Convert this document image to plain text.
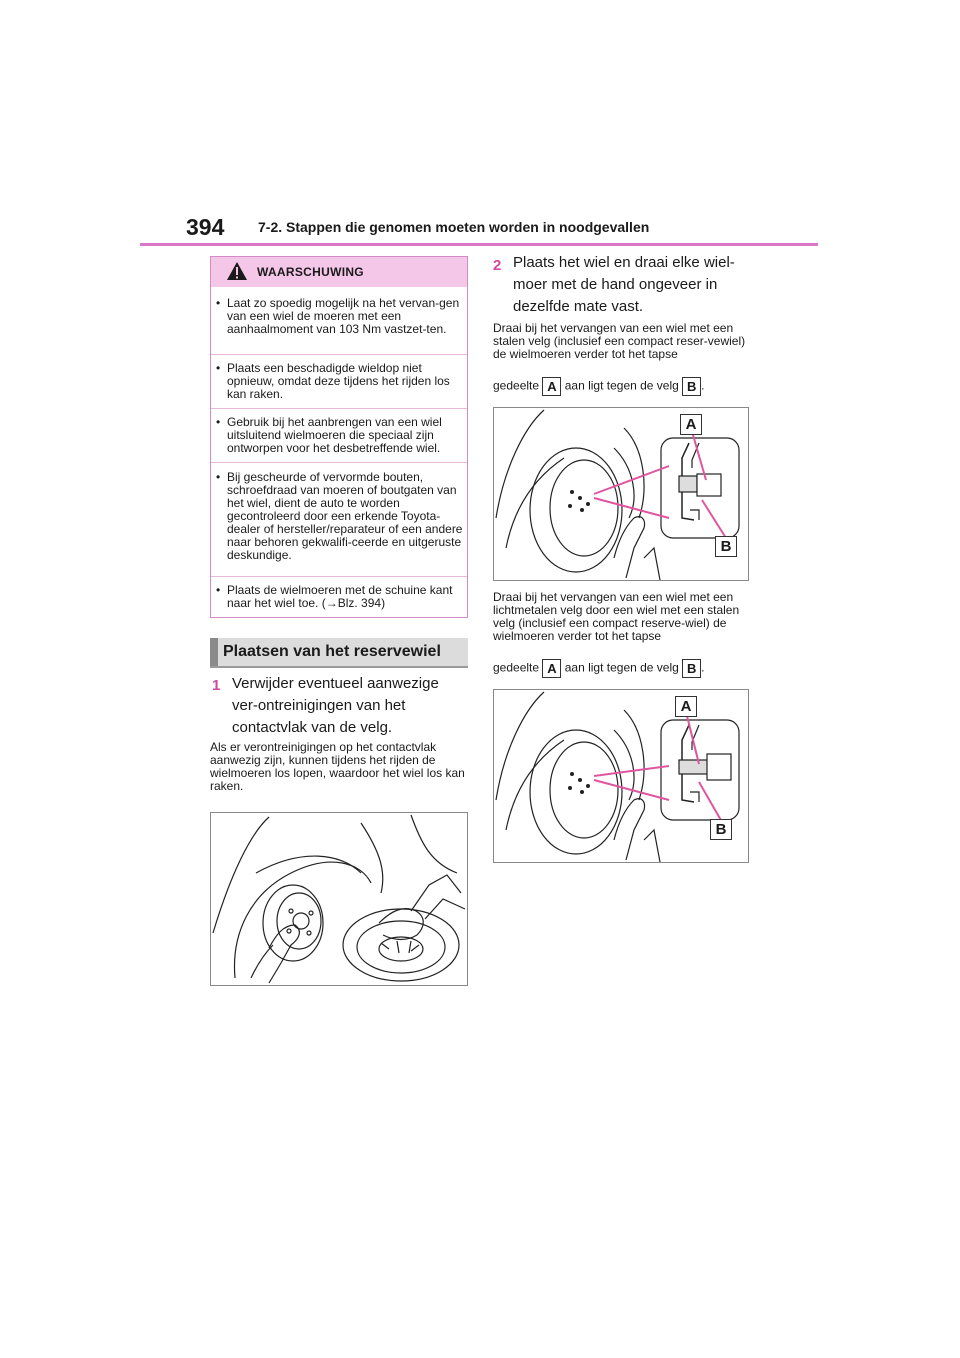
394 7-2. Stappen die genomen moeten worden in noodgevallen
WAARSCHUWING
• Laat zo spoedig mogelijk na het vervan-gen van een wiel de moeren met een aanhaalmoment van 103 Nm vastzet-ten.
• Plaats een beschadigde wieldop niet opnieuw, omdat deze tijdens het rijden los kan raken.
• Gebruik bij het aanbrengen van een wiel uitsluitend wielmoeren die speciaal zijn ontworpen voor het desbetreffende wiel.
• Bij gescheurde of vervormde bouten, schroefdraad van moeren of boutgaten van het wiel, dient de auto te worden gecontroleerd door een erkende Toyota-dealer of hersteller/reparateur of een andere naar behoren gekwalifi-ceerde en uitgeruste deskundige.
• Plaats de wielmoeren met de schuine kant naar het wiel toe. (→Blz. 394)
Plaatsen van het reservewiel
1 Verwijder eventueel aanwezige ver-ontreinigingen van het contactvlak van de velg.
Als er verontreinigingen op het contactvlak aanwezig zijn, kunnen tijdens het rijden de wielmoeren los lopen, waardoor het wiel los kan raken.
2 Plaats het wiel en draai elke wiel-moer met de hand ongeveer in dezelfde mate vast.
Draai bij het vervangen van een wiel met een stalen velg (inclusief een compact reser-vewiel) de wielmoeren verder tot het tapse
gedeelte A aan ligt tegen de velg B .
A
B
Draai bij het vervangen van een wiel met een lichtmetalen velg door een wiel met een stalen velg (inclusief een compact reserve-wiel) de wielmoeren verder tot het tapse
gedeelte A aan ligt tegen de velg B .
A
B
